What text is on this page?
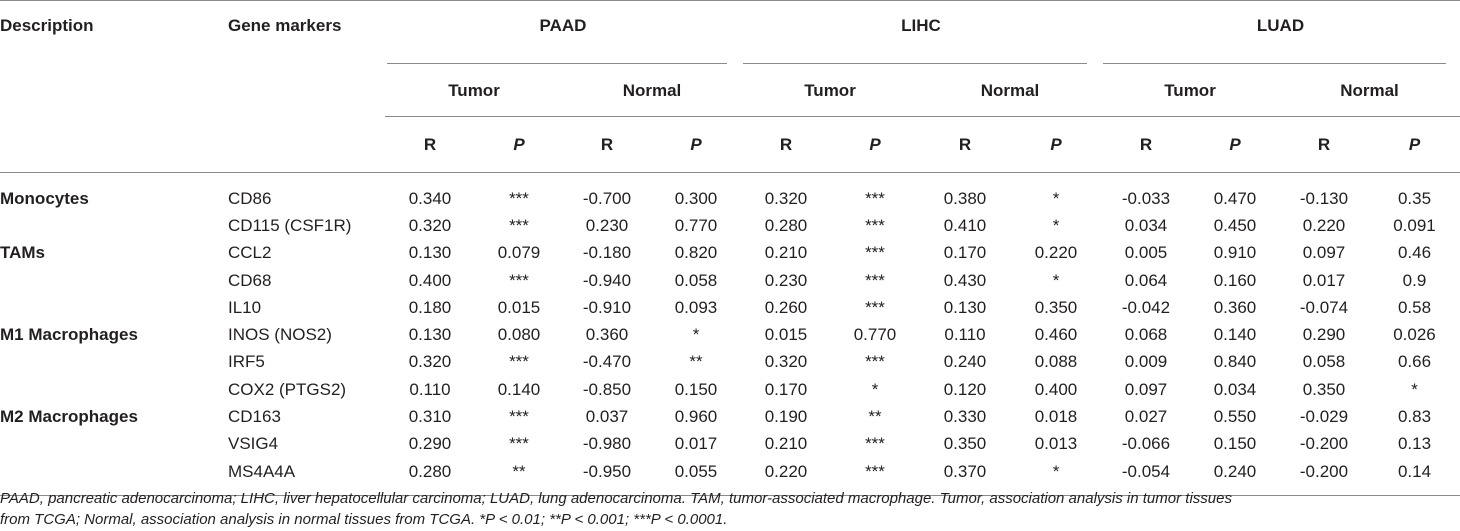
Description	Gene markers	PAAD				LIHC				LUAD			
		Tumor		Normal		Tumor		Normal		Tumor		Normal	
		R	P	R	P	R	P	R	P	R	P	R	P
Monocytes	CD86	0.340	***	-0.700	0.300	0.320	***	0.380	*	-0.033	0.470	-0.130	0.35
	CD115 (CSF1R)	0.320	***	0.230	0.770	0.280	***	0.410	*	0.034	0.450	0.220	0.091
TAMs	CCL2	0.130	0.079	-0.180	0.820	0.210	***	0.170	0.220	0.005	0.910	0.097	0.46
	CD68	0.400	***	-0.940	0.058	0.230	***	0.430	*	0.064	0.160	0.017	0.9
	IL10	0.180	0.015	-0.910	0.093	0.260	***	0.130	0.350	-0.042	0.360	-0.074	0.58
M1 Macrophages	INOS (NOS2)	0.130	0.080	0.360	*	0.015	0.770	0.110	0.460	0.068	0.140	0.290	0.026
	IRF5	0.320	***	-0.470	**	0.320	***	0.240	0.088	0.009	0.840	0.058	0.66
	COX2 (PTGS2)	0.110	0.140	-0.850	0.150	0.170	*	0.120	0.400	0.097	0.034	0.350	*
M2 Macrophages	CD163	0.310	***	0.037	0.960	0.190	**	0.330	0.018	0.027	0.550	-0.029	0.83
	VSIG4	0.290	***	-0.980	0.017	0.210	***	0.350	0.013	-0.066	0.150	-0.200	0.13
	MS4A4A	0.280	**	-0.950	0.055	0.220	***	0.370	*	-0.054	0.240	-0.200	0.14

PAAD, pancreatic adenocarcinoma; LIHC, liver hepatocellular carcinoma; LUAD, lung adenocarcinoma. TAM, tumor-associated macrophage. Tumor, association analysis in tumor tissues
from TCGA; Normal, association analysis in normal tissues from TCGA. *P < 0.01; **P < 0.001; ***P < 0.0001.
